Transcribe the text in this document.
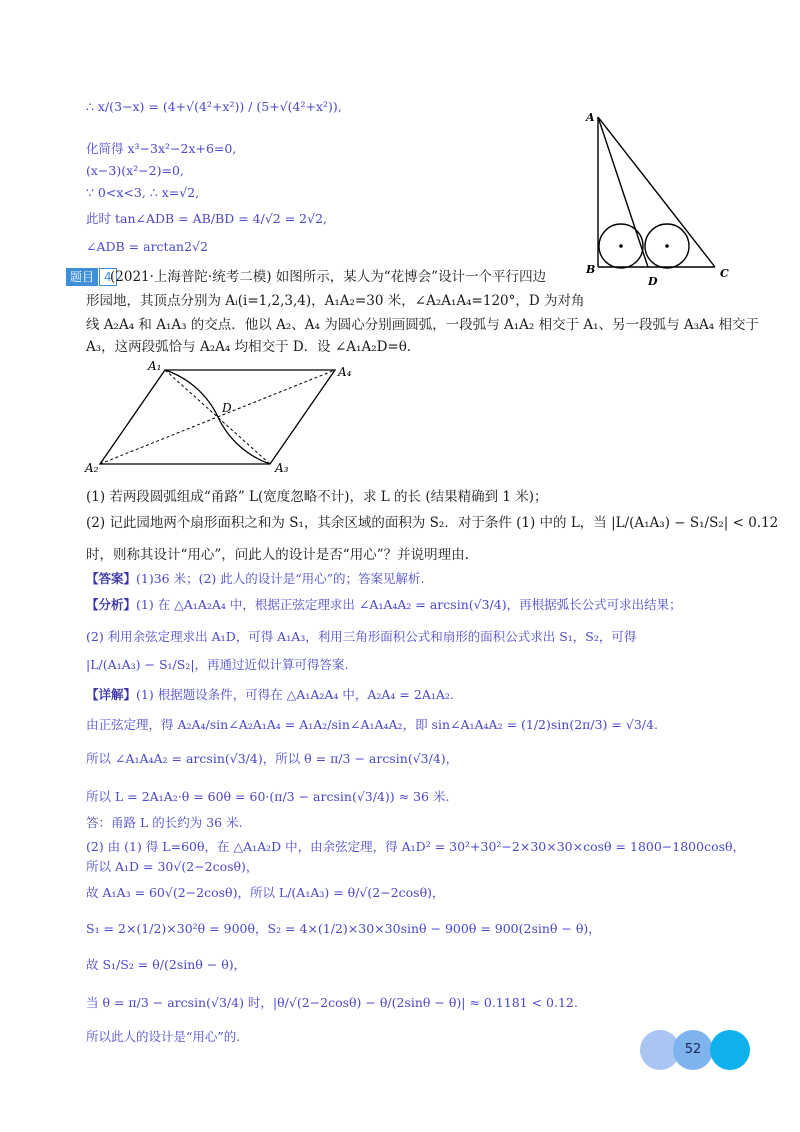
∴ x/(3−x) = (4+√(4²+x²)) / (5+√(4²+x²)),
化简得 x³−3x²−2x+6=0,
(x−3)(x²−2)=0,
∵ 0<x<3, ∴ x=√2,
此时 tan∠ADB = AB/BD = 4/√2 = 2√2,
∠ADB = arctan2√2
A
B	C
D
题目 4
(2021·上海普陀·统考二模) 如图所示，某人为“花博会”设计一个平行四边
形园地，其顶点分别为 Aᵢ(i=1,2,3,4)，A₁A₂=30 米，∠A₂A₁A₄=120°，D 为对角
线 A₂A₄ 和 A₁A₃ 的交点．他以 A₂、A₄ 为圆心分别画圆弧，一段弧与 A₁A₂ 相交于 A₁、另一段弧与 A₃A₄ 相交于
A₃，这两段弧恰与 A₂A₄ 均相交于 D．设 ∠A₁A₂D=θ．
A₁	A₄
A₂	A₃
D
(1) 若两段圆弧组成“甬路” L(宽度忽略不计)，求 L 的长 (结果精确到 1 米)；
(2) 记此园地两个扇形面积之和为 S₁，其余区域的面积为 S₂．对于条件 (1) 中的 L，当 |L/(A₁A₃) − S₁/S₂| < 0.12
时，则称其设计“用心”，问此人的设计是否“用心”？并说明理由.
【答案】(1)36 米；(2) 此人的设计是“用心”的；答案见解析.
【分析】(1) 在 △A₁A₂A₄ 中，根据正弦定理求出 ∠A₁A₄A₂ = arcsin(√3/4)，再根据弧长公式可求出结果；
(2) 利用余弦定理求出 A₁D，可得 A₁A₃，利用三角形面积公式和扇形的面积公式求出 S₁，S₂，可得
|L/(A₁A₃) − S₁/S₂|，再通过近似计算可得答案.
【详解】(1) 根据题设条件，可得在 △A₁A₂A₄ 中，A₂A₄ = 2A₁A₂.
由正弦定理，得 A₂A₄/sin∠A₂A₁A₄ = A₁A₂/sin∠A₁A₄A₂，即 sin∠A₁A₄A₂ = (1/2)sin(2π/3) = √3/4.
所以 ∠A₁A₄A₂ = arcsin(√3/4)，所以 θ = π/3 − arcsin(√3/4)，
所以 L = 2A₁A₂·θ = 60θ = 60·(π/3 − arcsin(√3/4)) ≈ 36 米.
答：甬路 L 的长约为 36 米.
(2) 由 (1) 得 L=60θ，在 △A₁A₂D 中，由余弦定理，得 A₁D² = 30²+30²−2×30×30×cosθ = 1800−1800cosθ，
所以 A₁D = 30√(2−2cosθ)，
故 A₁A₃ = 60√(2−2cosθ)，所以 L/(A₁A₃) = θ/√(2−2cosθ)，
S₁ = 2×(1/2)×30²θ = 900θ，S₂ = 4×(1/2)×30×30sinθ − 900θ = 900(2sinθ − θ)，
故 S₁/S₂ = θ/(2sinθ − θ)，
当 θ = π/3 − arcsin(√3/4) 时，|θ/√(2−2cosθ) − θ/(2sinθ − θ)| ≈ 0.1181 < 0.12.
所以此人的设计是“用心”的.
52
